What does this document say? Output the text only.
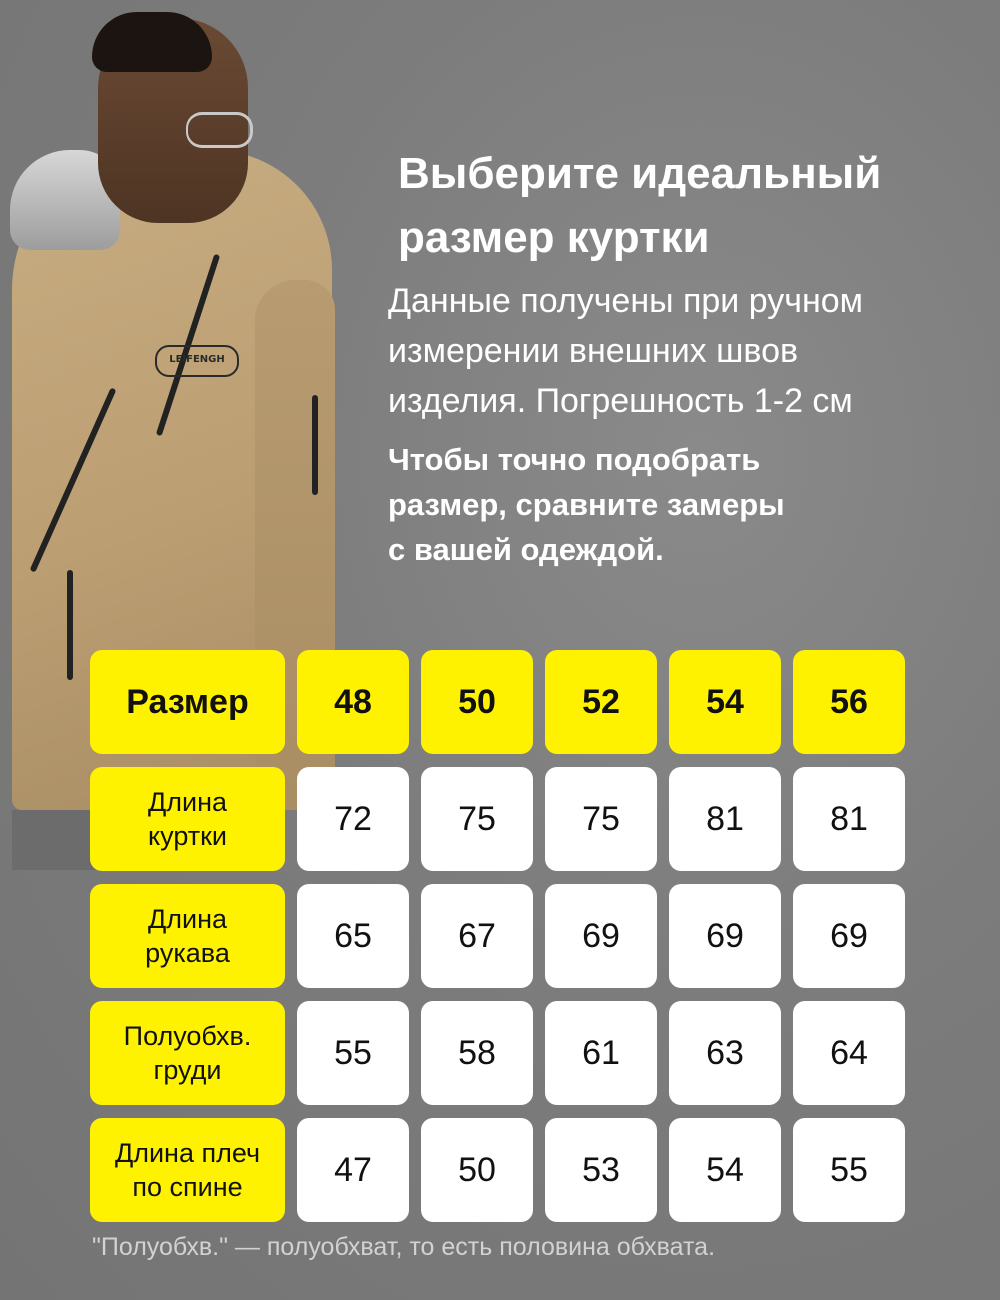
LEIFENGH
Выберите идеальный
размер куртки
Данные получены при ручном
измерении внешних швов
изделия. Погрешность 1-2 см
Чтобы точно подобрать
размер, сравните замеры
с вашей одеждой.
Размер	48	50	52	54	56
Длина
куртки	72	75	75	81	81
Длина
рукава	65	67	69	69	69
Полуобхв.
груди	55	58	61	63	64
Длина плеч
по спине	47	50	53	54	55
"Полуобхв." — полуобхват, то есть половина обхвата.
